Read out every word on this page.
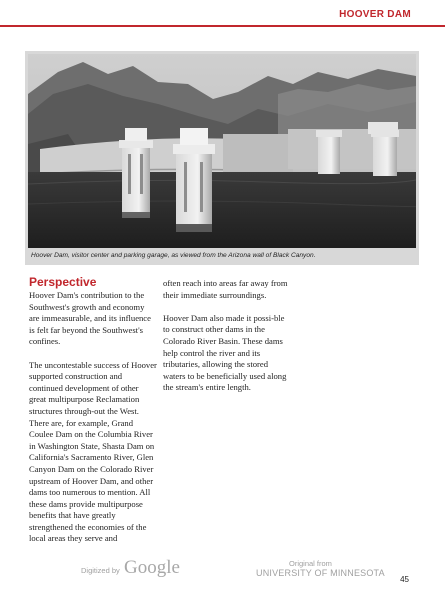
HOOVER DAM
Hoover Dam, visitor center and parking garage, as viewed from the Arizona wall of Black Canyon.
Perspective

Hoover Dam's contribution to the Southwest's growth and economy are immeasurable, and its influence is felt far beyond the Southwest's confines.

The uncontestable success of Hoover supported construction and continued development of other great multipurpose Reclamation structures through-out the West. There are, for example, Grand Coulee Dam on the Columbia River in Washington State, Shasta Dam on California's Sacramento River, Glen Canyon Dam on the Colorado River upstream of Hoover Dam, and other dams too numerous to mention. All these dams provide multipurpose benefits that have greatly strengthened the economies of the local areas they serve and

often reach into areas far away from their immediate surroundings.

Hoover Dam also made it possi-ble to construct other dams in the Colorado River Basin. These dams help control the river and its tributaries, allowing the stored waters to be beneficially used along the stream's entire length.

Digitized by Google	Original from
UNIVERSITY OF MINNESOTA
45
